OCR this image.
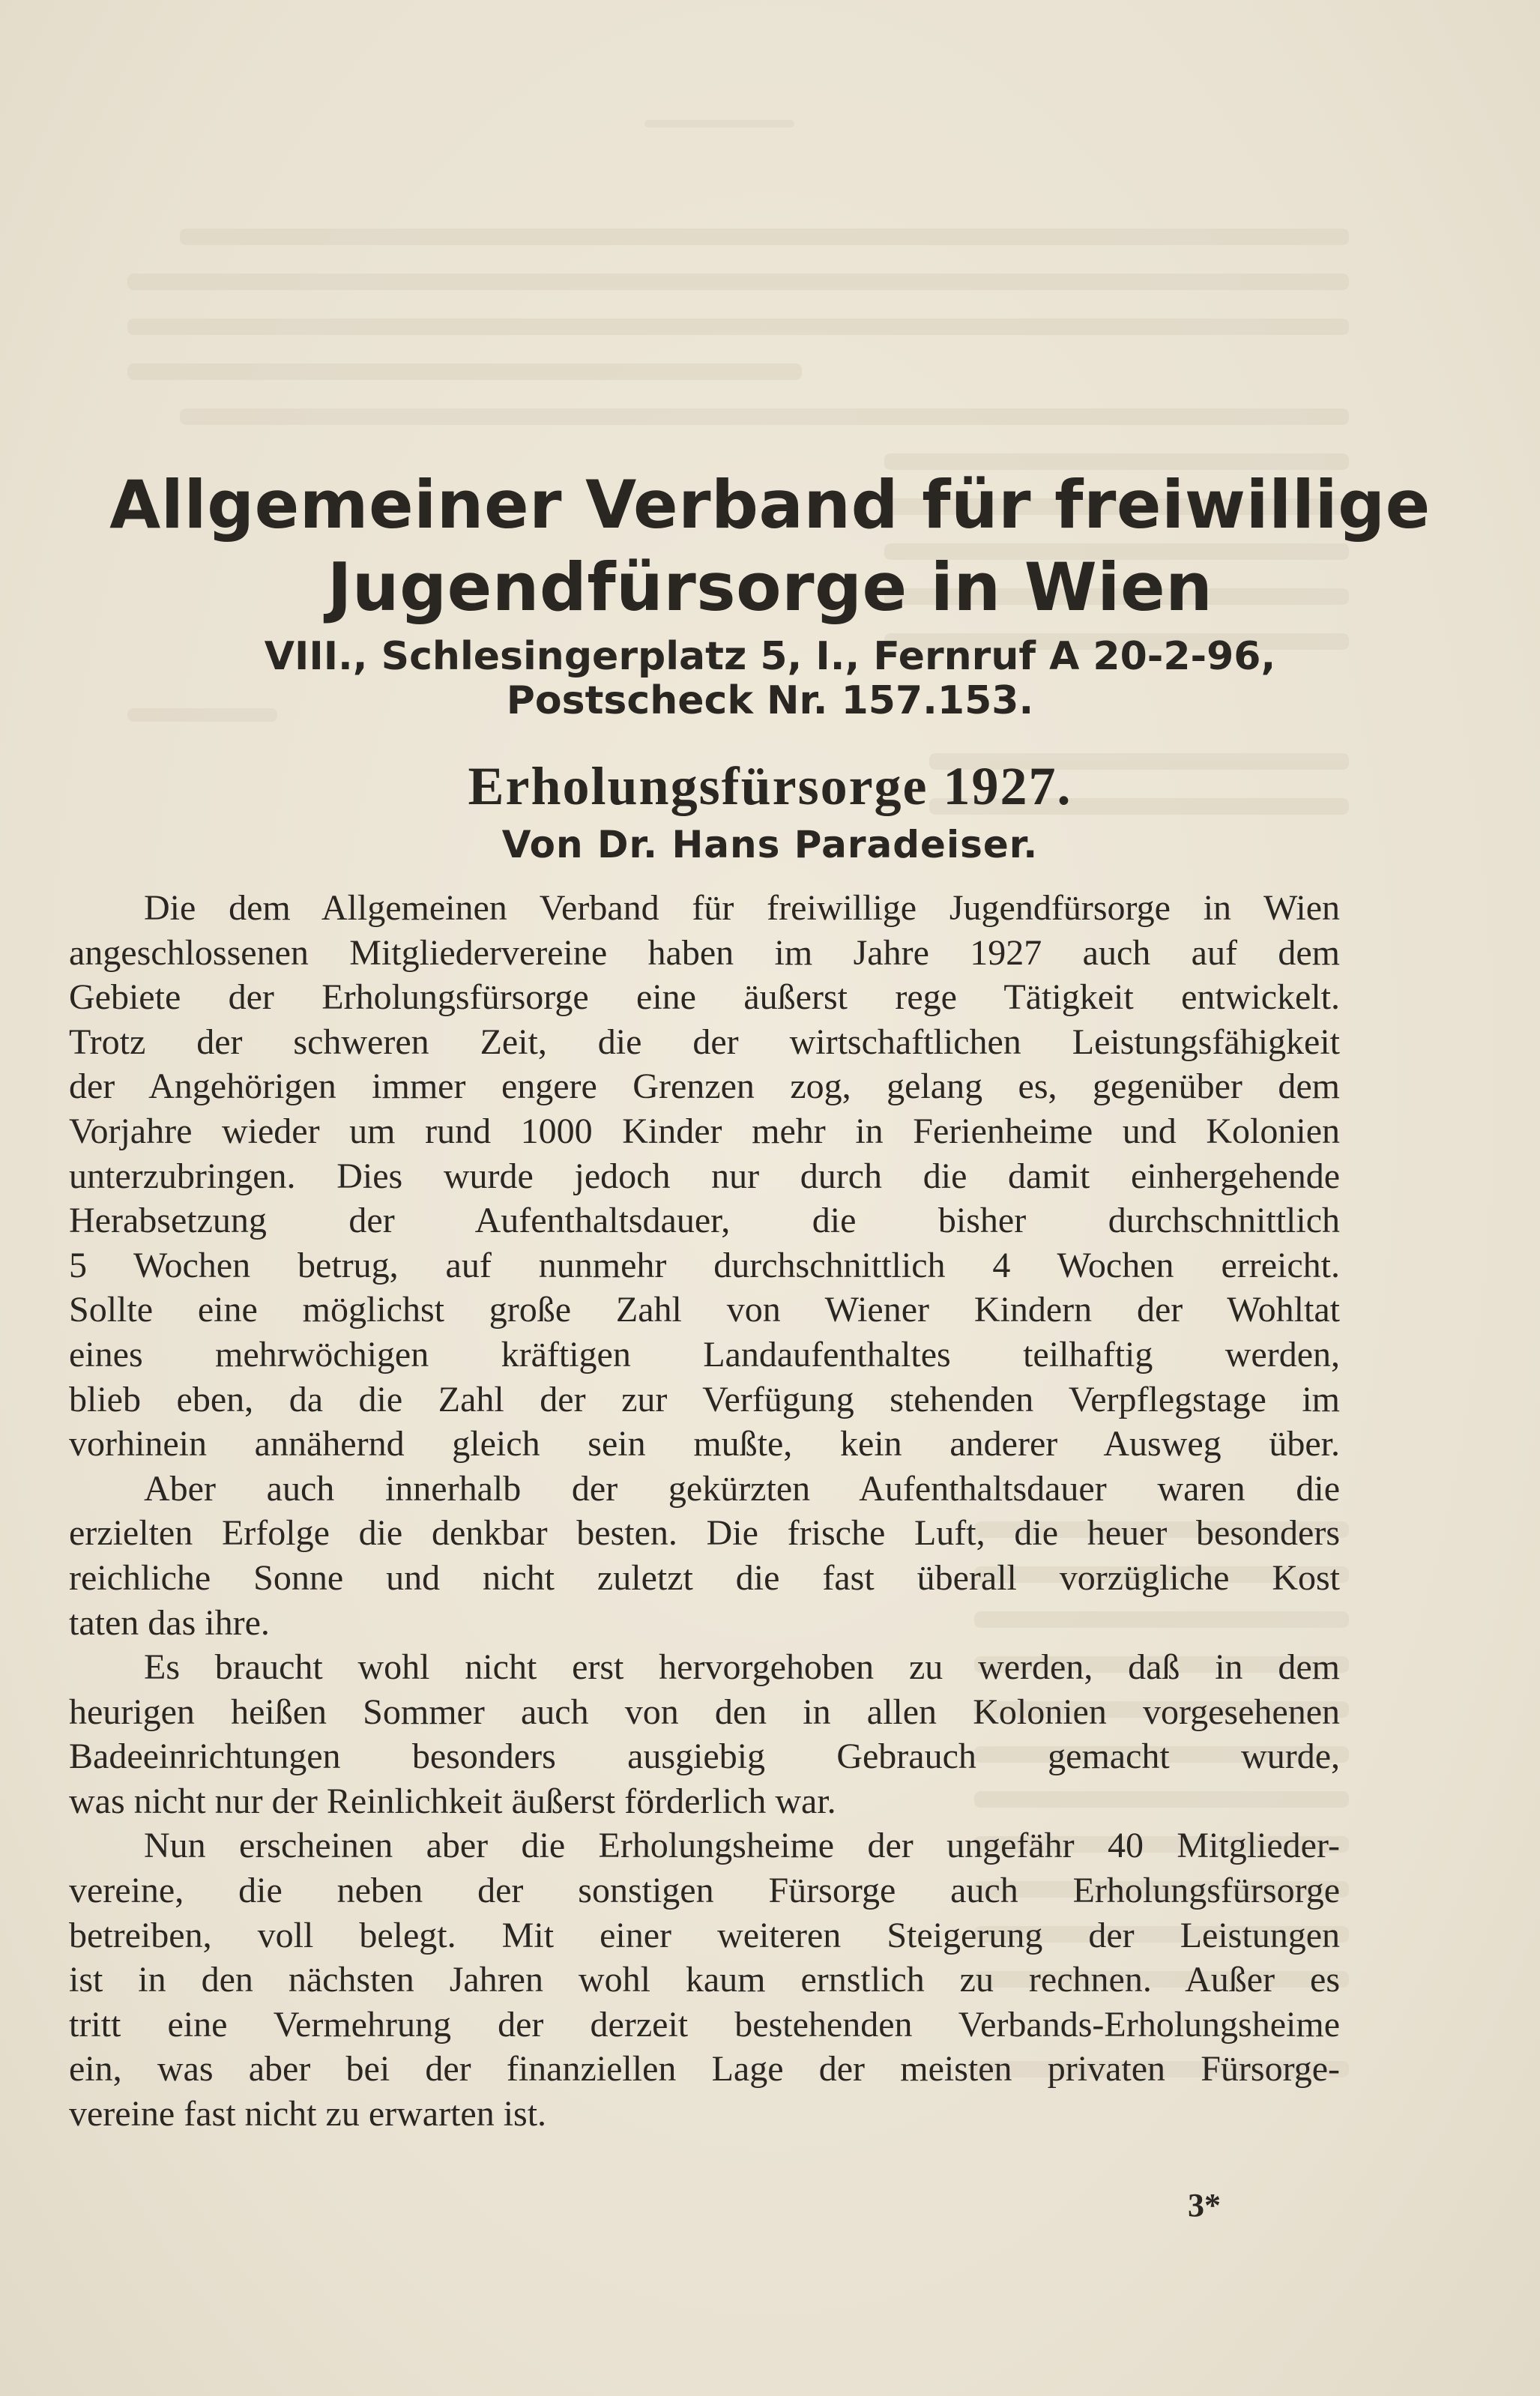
Allgemeiner Verband für freiwillige
Jugendfürsorge in Wien
VIII., Schlesingerplatz 5, I., Fernruf A 20-2-96,
Postscheck Nr. 157.153.
Erholungsfürsorge 1927.
Von Dr. Hans Paradeiser.
Die dem Allgemeinen Verband für freiwillige Jugendfürsorge in Wien
angeschlossenen Mitgliedervereine haben im Jahre 1927 auch auf dem
Gebiete der Erholungsfürsorge eine äußerst rege Tätigkeit entwickelt.
Trotz der schweren Zeit, die der wirtschaftlichen Leistungsfähigkeit
der Angehörigen immer engere Grenzen zog, gelang es, gegenüber dem
Vorjahre wieder um rund 1000 Kinder mehr in Ferienheime und Kolonien
unterzubringen. Dies wurde jedoch nur durch die damit einhergehende
Herabsetzung der Aufenthaltsdauer, die bisher durchschnittlich
5 Wochen betrug, auf nunmehr durchschnittlich 4 Wochen erreicht.
Sollte eine möglichst große Zahl von Wiener Kindern der Wohltat
eines mehrwöchigen kräftigen Landaufenthaltes teilhaftig werden,
blieb eben, da die Zahl der zur Verfügung stehenden Verpflegstage im
vorhinein annähernd gleich sein mußte, kein anderer Ausweg über.
Aber auch innerhalb der gekürzten Aufenthaltsdauer waren die
erzielten Erfolge die denkbar besten. Die frische Luft, die heuer besonders
reichliche Sonne und nicht zuletzt die fast überall vorzügliche Kost
taten das ihre.
Es braucht wohl nicht erst hervorgehoben zu werden, daß in dem
heurigen heißen Sommer auch von den in allen Kolonien vorgesehenen
Badeeinrichtungen besonders ausgiebig Gebrauch gemacht wurde,
was nicht nur der Reinlichkeit äußerst förderlich war.
Nun erscheinen aber die Erholungsheime der ungefähr 40 Mitglieder-
vereine, die neben der sonstigen Fürsorge auch Erholungsfürsorge
betreiben, voll belegt. Mit einer weiteren Steigerung der Leistungen
ist in den nächsten Jahren wohl kaum ernstlich zu rechnen. Außer es
tritt eine Vermehrung der derzeit bestehenden Verbands-Erholungsheime
ein, was aber bei der finanziellen Lage der meisten privaten Fürsorge-
vereine fast nicht zu erwarten ist.
3*
